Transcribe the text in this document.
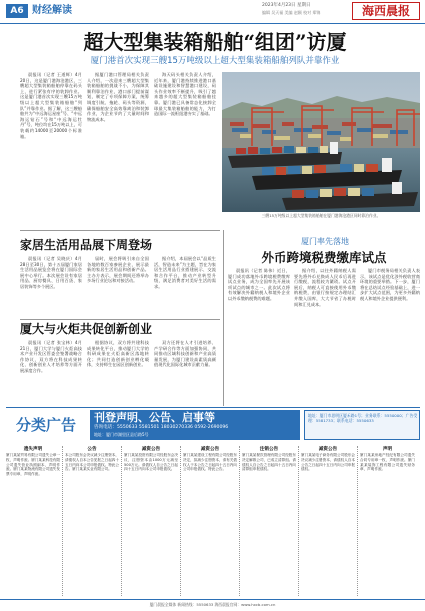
A6 财经解读	2023年4月23日 星期日
编辑 吴天福 美编 赵颖 校对 郑锦	海西晨报
超大型集装箱船舶“组团”访厦
厦门港首次实现三艘15万吨级以上超大型集装箱船舶列队并靠作业

晨报讯（记者 王道辉）4月20日，这是厦门港海沧港区，三艘超大型集装箱船舶停靠在码头上，进行紧张有序的装卸作业。这是厦门港首次实现三艘15万吨级以上超大型集装箱船舶“列队”并靠作业。据了解，这三艘船舶共为“中远海运星座”号、“中远海运钻石”号和“中远海运牡丹”号，吨位均在15万吨以上，可装载约14000至20000个标准箱。

据厦门港口管理局相关负责人介绍，一次迎来三艘超大型集装箱船舶的挑战不小，为保障其顺利靠泊作业，港口部门提前谋划，制定了专项保障方案，统筹调度引航、拖轮、码头等资源，确保船舶安全高效靠离泊和装卸作业，为企业节约了大量时间和物流成本。

海天码头相关负责人介绍，近年来，厦门港持续推进港口基础设施建设和智慧港口建设，码头作业效率不断提升，吸引了越来越多的超大型集装箱船舶挂靠。厦门港已具备常态化接卸全球最大集装箱船舶的能力，为打造国际一流枢纽港夯实了基础。

三艘15万吨级以上超大型集装箱船舶在厦门港海沧港区同时靠泊作业。
家居生活用品展下周登场

晨报讯（记者 吴晓庆）4月28日至30日，第十五届厦门家居生活用品展览会将在厦门国际会展中心举行。本次展会设有家居用品、厨房餐具、日用百货、家居装饰等多个展区。

届时，展会将吸引来自全国各地的数百家参展企业，展示最新的家居生活用品和创新产品。主办方表示，展会期间还将举办多场行业论坛和对接活动。

据介绍，本届展会以“品质生活，智造未来”为主题，旨在为家居生活用品行业搭建展示、交流和合作平台，推动产业转型升级，满足消费者对美好生活的需求。

厦大与火炬共促创新创业

晨报讯（记者 张宝林）4月21日，厦门大学与厦门火炬高技术产业开发区管委会签署战略合作协议，双方将在科技成果转化、创新创业人才培养等方面开展深度合作。

根据协议，双方将共建科技成果转化平台，推动厦门大学的科研成果在火炬高新区落地转化；共同打造创新创业孵化载体，支持师生在园区创新创业。

双方还将在人才引进培养、产学研合作等方面加强协同，共同推动区域科技创新和产业高质量发展，为厦门建设高素质高颜值现代化国际化城市贡献力量。

厦门率先落地
外币跨境税费缴库试点

晨报讯（记者 陈伟）近日，厦门成功落地外币跨境税费缴库试点业务，成为全国率先开展该项试点的城市之一。此次试点将有效解决外籍纳税人和境外企业以外币缴纳税费的难题。

据介绍，以往外籍纳税人需要先将外币兑换成人民币后再进行缴税，流程较为繁琐。试点开展后，纳税人可直接使用外币缴纳税费，由银行按规定办理结汇并缴入国库，大大节省了办税时间和汇兑成本。

厦门市税务局相关负责人表示，该试点是优化涉外税收营商环境的重要举措。下一步，厦门将在总结试点经验基础上，进一步扩大试点范围，为更多外籍纳税人和境外企业提供便利。

分类广告	刊登声明、公告、启事等
咨询电话：5550633 5581501 18030270336 0592-2690096
地址：厦门市湖里区县后路5号
地址：厦门市思明区厦禾路1号；业务联系：5550000；广告受理：5581733；联系电话：5550633
遗失声明
厦门某某贸易有限公司遗失公章一枚，声明作废。厦门某某科技有限公司遗失营业执照副本，声明作废。厦门某某物流有限公司遗失发票专用章，声明作废。
公告
本公司股东会决议减少注册资本，请债权人自本公告见报之日起四十五日内向本公司申报债权。特此公告。厦门某某实业有限公司。
减资公告
厦门某某投资有限公司经股东会决议，注册资本由1000万元减至500万元。请债权人自公告之日起四十五日内向本公司申报债权。
减资公告
厦门某某建设工程有限公司经股东决定，拟减少注册资本，请有关债权人于本公告之日起四十五日内向公司申报债权。特此公告。
注销公告
厦门某某餐饮管理有限公司经股东决定解散公司，已成立清算组。请债权人自公告之日起四十五日内向清算组申报债权。
减资公告
厦门某某电子商务有限公司股东会决议减少注册资本，请债权人自本公告之日起四十五日内向公司申报债权。
声明
厦门某某房地产经纪有限公司遗失合同专用章一枚，声明作废。厦门某某装饰工程有限公司遗失财务章，声明作废。
厦门晨报全媒体 新闻热线：5550633 海西晨报官网：www.hxcb.com.cn
